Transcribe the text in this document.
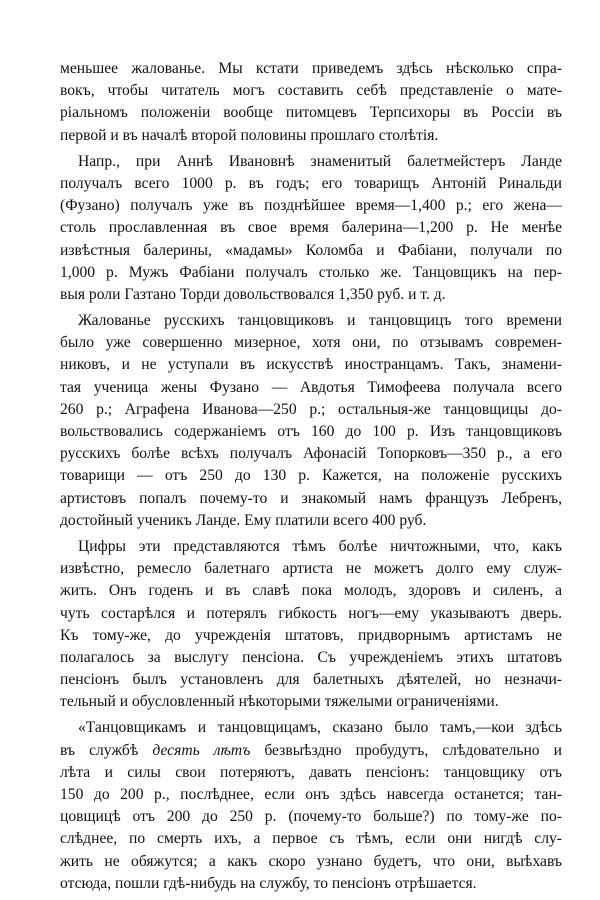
меньшее жалованье. Мы кстати приведемъ здѣсь нѣсколько спра-
вокъ, чтобы читатель могъ составить себѣ представленіе о мате-
ріальномъ положеніи вообще питомцевъ Терпсихоры въ Россіи въ
первой и въ началѣ второй половины прошлаго столѣтія.
Напр., при Аннѣ Ивановнѣ знаменитый балетмейстеръ Ланде
получалъ всего 1000 р. въ годъ; его товарищъ Антоній Ринальди
(Фузано) получалъ уже въ позднѣйшее время—1,400 р.; его жена—
столь прославленная въ свое время балерина—1,200 р. Не менѣе
извѣстныя балерины, «мадамы» Коломба и Фабіани, получали по
1,000 р. Мужъ Фабіани получалъ столько же. Танцовщикъ на пер-
выя роли Газтано Торди довольствовался 1,350 руб. и т. д.
Жалованье русскихъ танцовщиковъ и танцовщицъ того времени
было уже совершенно мизерное, хотя они, по отзывамъ современ-
никовъ, и не уступали въ искусствѣ иностранцамъ. Такъ, знамени-
тая ученица жены Фузано — Авдотья Тимофеева получала всего
260 р.; Аграфена Иванова—250 р.; остальныя-же танцовщицы до-
вольствовались содержаніемъ отъ 160 до 100 р. Изъ танцовщиковъ
русскихъ болѣе всѣхъ получалъ Афонасій Топорковъ—350 р., а его
товарищи — отъ 250 до 130 р. Кажется, на положеніе русскихъ
артистовъ попалъ почему-то и знакомый намъ французъ Лебренъ,
достойный ученикъ Ланде. Ему платили всего 400 руб.
Цифры эти представляются тѣмъ болѣе ничтожными, что, какъ
извѣстно, ремесло балетнаго артиста не можетъ долго ему служ-
жить. Онъ годенъ и въ славѣ пока молодъ, здоровъ и силенъ, а
чуть состарѣлся и потерялъ гибкость ногъ—ему указываютъ дверь.
Къ тому-же, до учрежденія штатовъ, придворнымъ артистамъ не
полагалось за выслугу пенсіона. Съ учрежденіемъ этихъ штатовъ
пенсіонъ былъ установленъ для балетныхъ дѣятелей, но незначи-
тельный и обусловленный нѣкоторыми тяжелыми ограниченіями.
«Танцовщикамъ и танцовщицамъ, сказано было тамъ,—кои здѣсь
въ службѣ десять лѣтъ безвыѣздно пробудутъ, слѣдовательно и
лѣта и силы свои потеряютъ, давать пенсіонъ: танцовщику отъ
150 до 200 р., послѣднее, если онъ здѣсь навсегда останется; тан-
цовщицѣ отъ 200 до 250 р. (почему-то больше?) по тому-же по-
слѣднее, по смерть ихъ, а первое съ тѣмъ, если они нигдѣ слу-
жить не обяжутся; а какъ скоро узнано будетъ, что они, выѣхавъ
отсюда, пошли гдѣ-нибудь на службу, то пенсіонъ отрѣшается.
